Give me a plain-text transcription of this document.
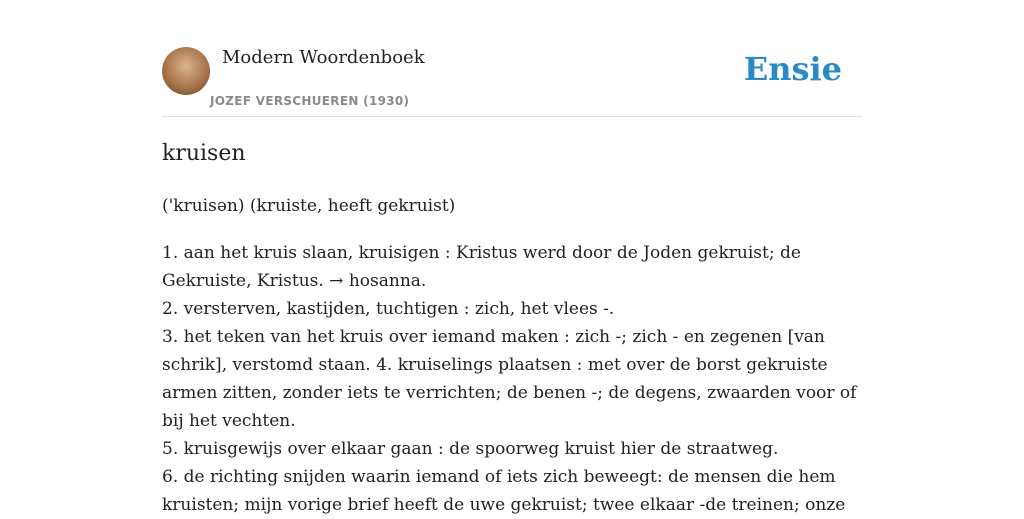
Modern Woordenboek
JOZEF VERSCHUEREN (1930)
Ensie
kruisen
('kruisən) (kruiste, heeft gekruist)

1. aan het kruis slaan, kruisigen : Kristus werd door de Joden gekruist; de Gekruiste, Kristus. → hosanna.

2. versterven, kastijden, tuchtigen : zich, het vlees -.

3. het teken van het kruis over iemand maken : zich -; zich - en zegenen [van schrik], verstomd staan. 4. kruiselings plaatsen : met over de borst gekruiste armen zitten, zonder iets te verrichten; de benen -; de degens, zwaarden voor of bij het vechten.

5. kruisgewijs over elkaar gaan : de spoorweg kruist hier de straatweg.

6. de richting snijden waarin iemand of iets zich beweegt: de mensen die hem kruisten; mijn vorige brief heeft de uwe gekruist; twee elkaar -de treinen; onze
